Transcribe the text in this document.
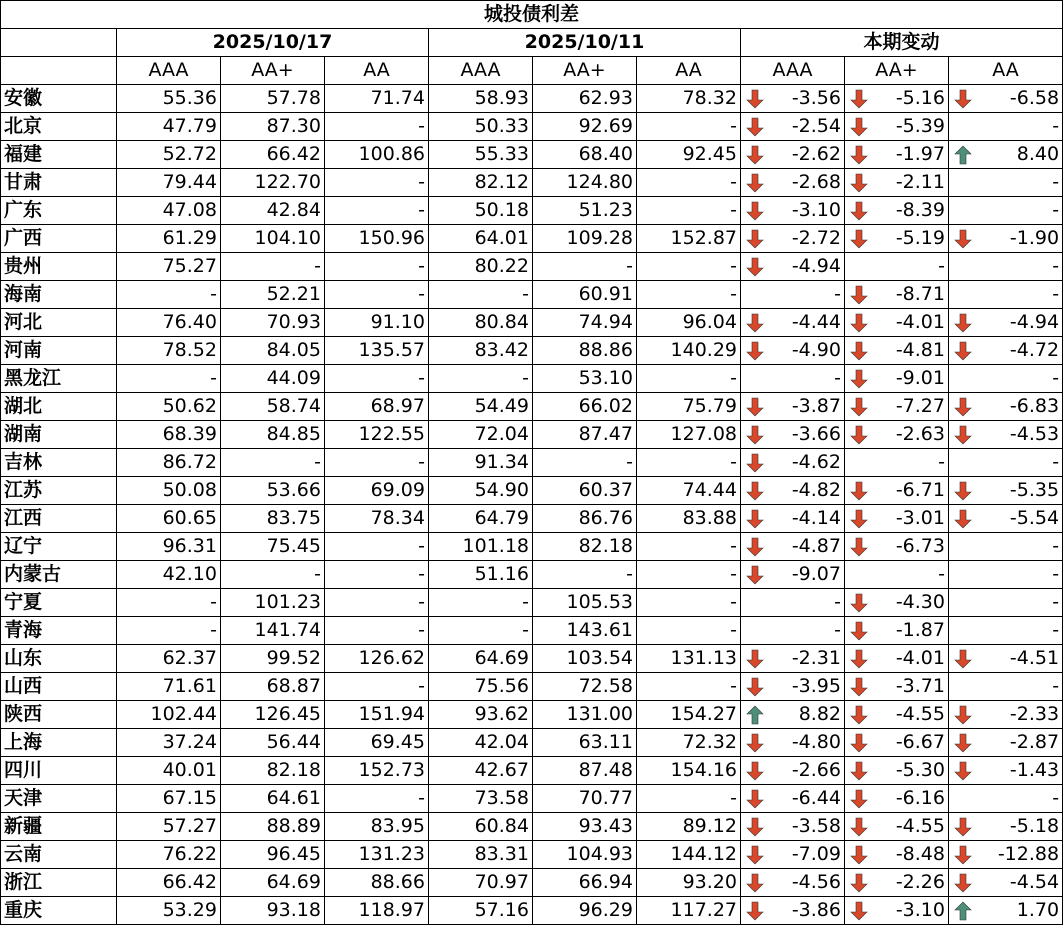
城投债利差									
	2025/10/17			2025/10/11			本期变动		
	AAA	AA+	AA	AAA	AA+	AA	AAA	AA+	AA
安徽	55.36	57.78	71.74	58.93	62.93	78.32	-3.56	-5.16	-6.58
北京	47.79	87.30	-	50.33	92.69	-	-2.54	-5.39	-
福建	52.72	66.42	100.86	55.33	68.40	92.45	-2.62	-1.97	8.40
甘肃	79.44	122.70	-	82.12	124.80	-	-2.68	-2.11	-
广东	47.08	42.84	-	50.18	51.23	-	-3.10	-8.39	-
广西	61.29	104.10	150.96	64.01	109.28	152.87	-2.72	-5.19	-1.90
贵州	75.27	-	-	80.22	-	-	-4.94	-	-
海南	-	52.21	-	-	60.91	-	-	-8.71	-
河北	76.40	70.93	91.10	80.84	74.94	96.04	-4.44	-4.01	-4.94
河南	78.52	84.05	135.57	83.42	88.86	140.29	-4.90	-4.81	-4.72
黑龙江	-	44.09	-	-	53.10	-	-	-9.01	-
湖北	50.62	58.74	68.97	54.49	66.02	75.79	-3.87	-7.27	-6.83
湖南	68.39	84.85	122.55	72.04	87.47	127.08	-3.66	-2.63	-4.53
吉林	86.72	-	-	91.34	-	-	-4.62	-	-
江苏	50.08	53.66	69.09	54.90	60.37	74.44	-4.82	-6.71	-5.35
江西	60.65	83.75	78.34	64.79	86.76	83.88	-4.14	-3.01	-5.54
辽宁	96.31	75.45	-	101.18	82.18	-	-4.87	-6.73	-
内蒙古	42.10	-	-	51.16	-	-	-9.07	-	-
宁夏	-	101.23	-	-	105.53	-	-	-4.30	-
青海	-	141.74	-	-	143.61	-	-	-1.87	-
山东	62.37	99.52	126.62	64.69	103.54	131.13	-2.31	-4.01	-4.51
山西	71.61	68.87	-	75.56	72.58	-	-3.95	-3.71	-
陕西	102.44	126.45	151.94	93.62	131.00	154.27	8.82	-4.55	-2.33
上海	37.24	56.44	69.45	42.04	63.11	72.32	-4.80	-6.67	-2.87
四川	40.01	82.18	152.73	42.67	87.48	154.16	-2.66	-5.30	-1.43
天津	67.15	64.61	-	73.58	70.77	-	-6.44	-6.16	-
新疆	57.27	88.89	83.95	60.84	93.43	89.12	-3.58	-4.55	-5.18
云南	76.22	96.45	131.23	83.31	104.93	144.12	-7.09	-8.48	-12.88
浙江	66.42	64.69	88.66	70.97	66.94	93.20	-4.56	-2.26	-4.54
重庆	53.29	93.18	118.97	57.16	96.29	117.27	-3.86	-3.10	1.70
